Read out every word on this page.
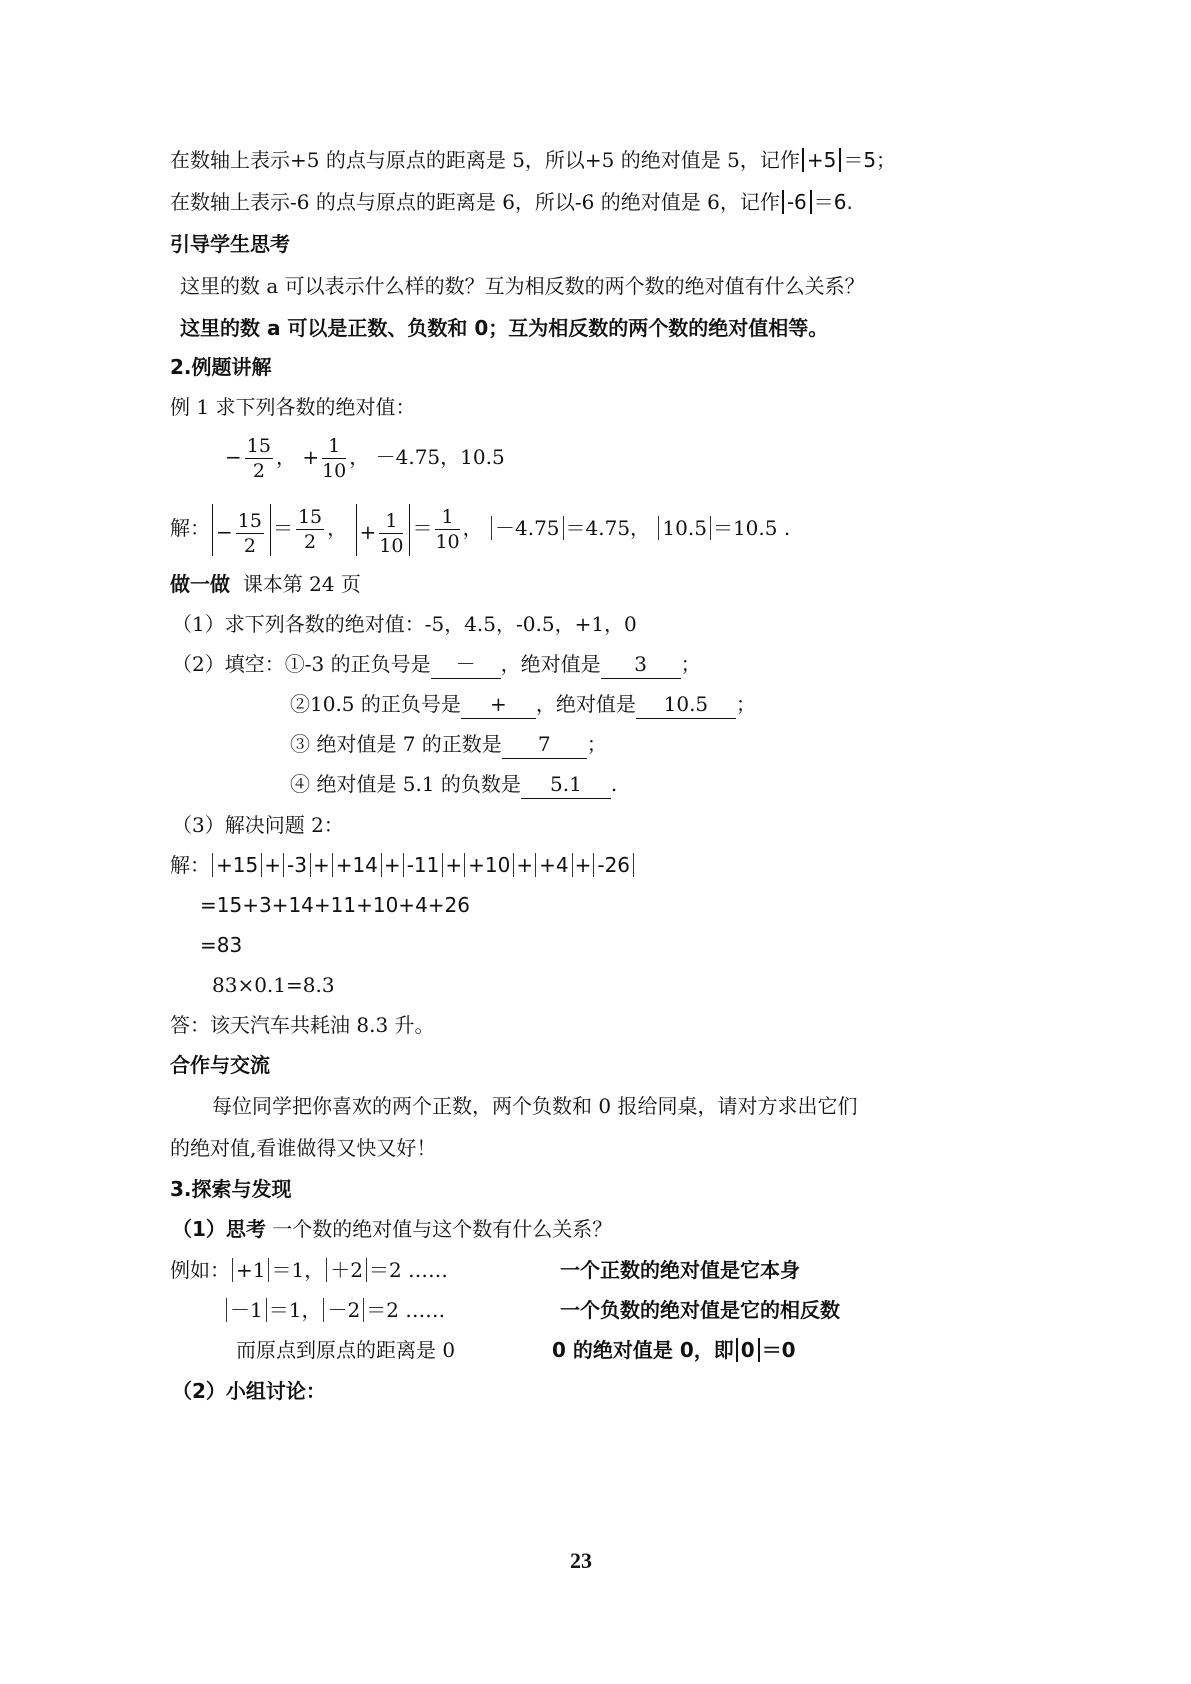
在数轴上表示+5 的点与原点的距离是 5，所以+5 的绝对值是 5，记作 +5 ＝5；
在数轴上表示-6 的点与原点的距离是 6，所以-6 的绝对值是 6，记作 -6 ＝6.
引导学生思考
这里的数 a 可以表示什么样的数？互为相反数的两个数的绝对值有什么关系？
这里的数 a 可以是正数、负数和 0；互为相反数的两个数的绝对值相等。
2.例题讲解
例 1 求下列各数的绝对值：
− $\frac{15}{2}$ ， + $\frac{1}{10}$ ， －4.75，10.5
解： − $\frac{15}{2} = \frac{15}{2}$ ， + $\frac{1}{10} = \frac{1}{10}$ ， －4.75 ＝4.75， 10.5 ＝10.5 .
做一做 课本第 24 页
（1）求下列各数的绝对值：-5，4.5，-0.5，+1，0
（2）填空：①-3 的正负号是 － ，绝对值是 3 ；
②10.5 的正负号是 + ，绝对值是 10.5 ；
③ 绝对值是 7 的正数是 7 ；
④ 绝对值是 5.1 的负数是 5.1 .
（3）解决问题 2：
解： +15 + -3 + +14 + -11 + +10 + +4 + -26
=15+3+14+11+10+4+26
=83
83×0.1=8.3
答：该天汽车共耗油 8.3 升。
合作与交流
每位同学把你喜欢的两个正数，两个负数和 0 报给同桌，请对方求出它们
的绝对值,看谁做得又快又好！
3.探索与发现
（1）思考 一个数的绝对值与这个数有什么关系？
例如： +1 ＝1， ＋2 ＝2 ……	一个正数的绝对值是它本身
－1 ＝1， －2 ＝2 ……	一个负数的绝对值是它的相反数
而原点到原点的距离是 0	0 的绝对值是 0，即 0 ＝0
（2）小组讨论：
23
